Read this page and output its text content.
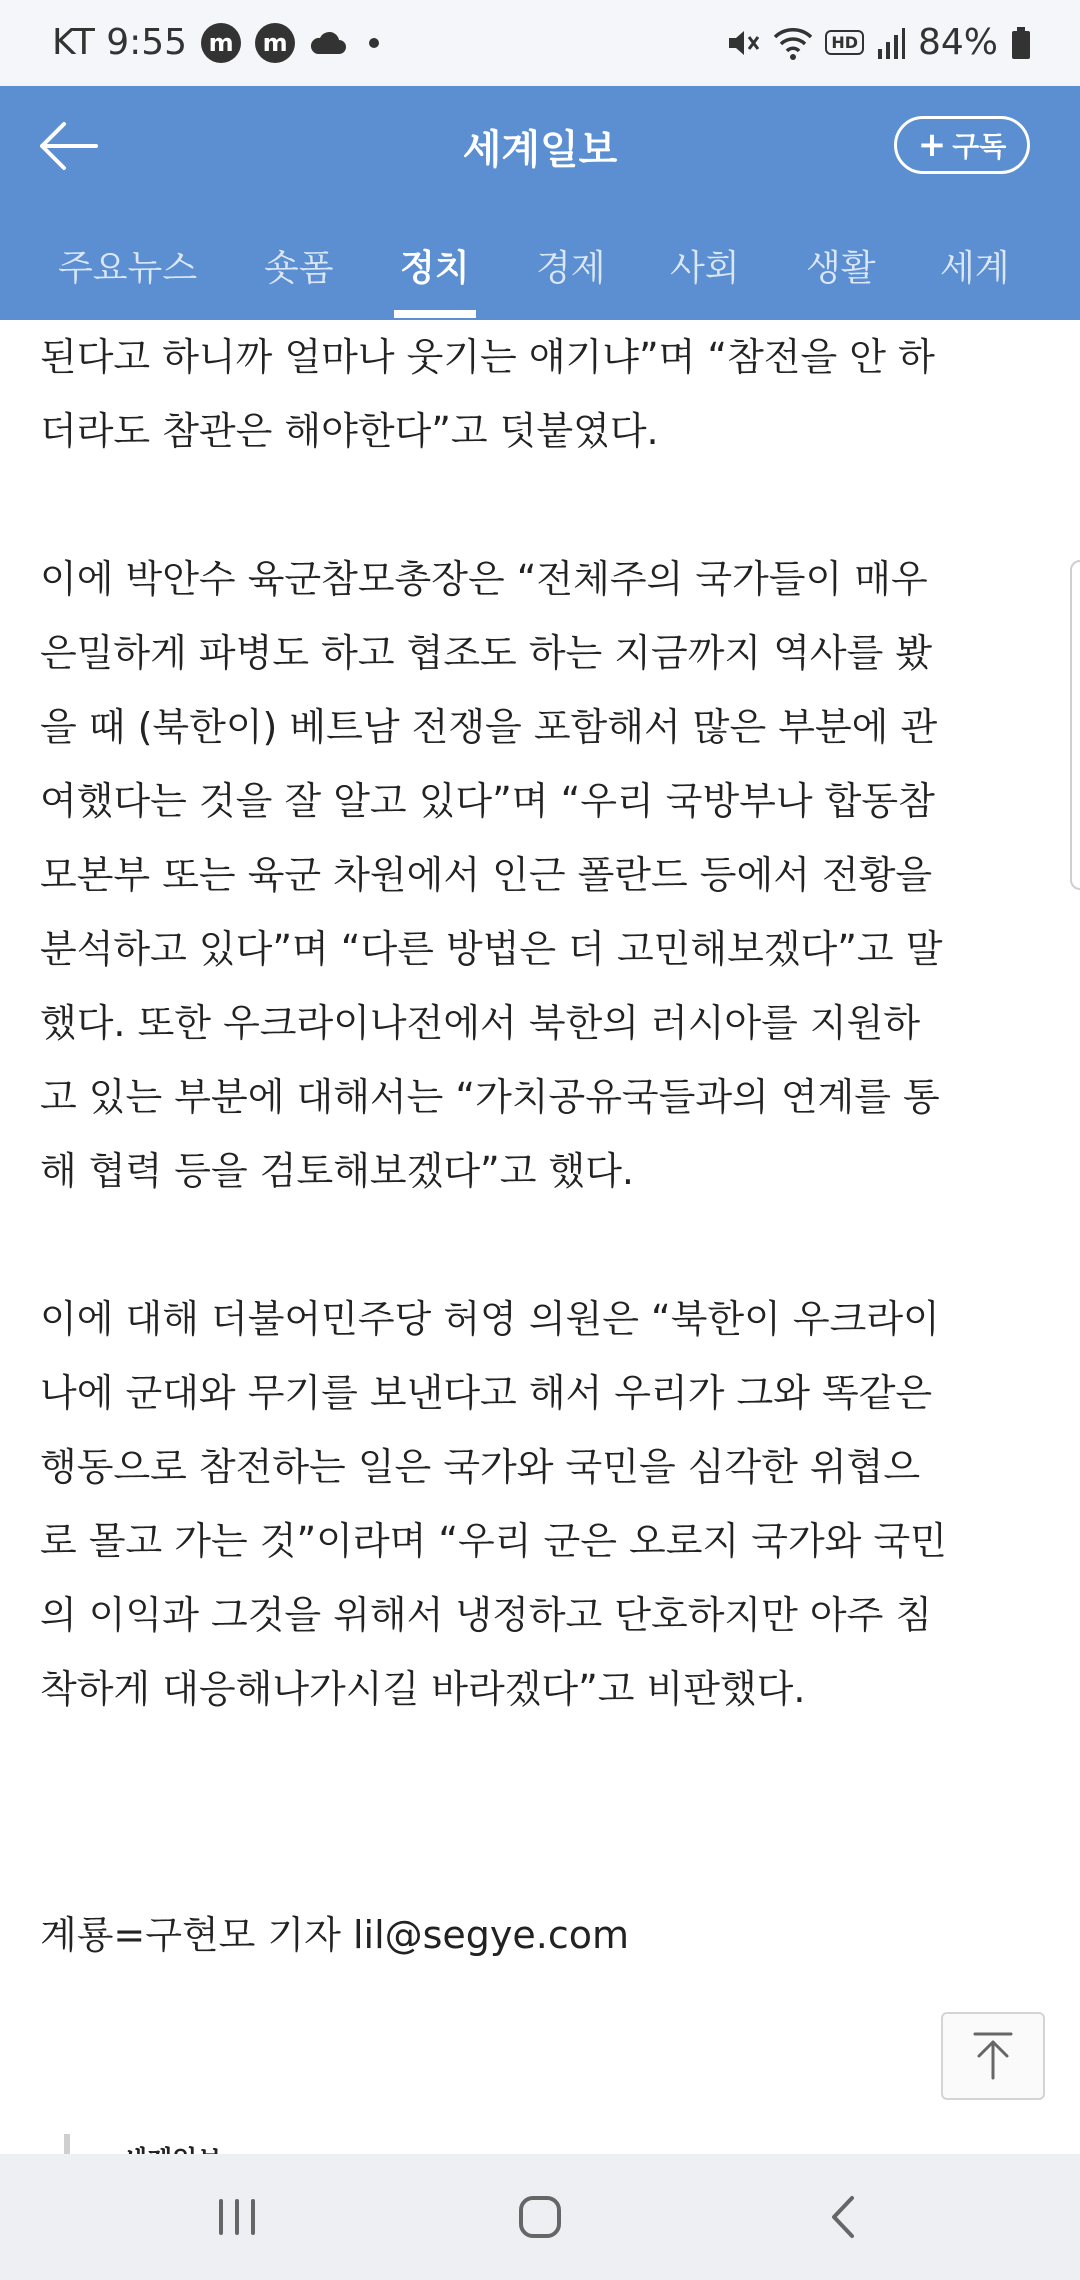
KT 9:55 m	m	HD 84%
세계일보	+ 구독
주요뉴스 숏폼 정치 경제 사회 생활 세계

된다고 하니까 얼마나 웃기는 얘기냐”며 “참전을 안 하
더라도 참관은 해야한다”고 덧붙였다.

이에 박안수 육군참모총장은 “전체주의 국가들이 매우
은밀하게 파병도 하고 협조도 하는 지금까지 역사를 봤
을 때 (북한이) 베트남 전쟁을 포함해서 많은 부분에 관
여했다는 것을 잘 알고 있다”며 “우리 국방부나 합동참
모본부 또는 육군 차원에서 인근 폴란드 등에서 전황을
분석하고 있다”며 “다른 방법은 더 고민해보겠다”고 말
했다. 또한 우크라이나전에서 북한의 러시아를 지원하
고 있는 부분에 대해서는 “가치공유국들과의 연계를 통
해 협력 등을 검토해보겠다”고 했다.

이에 대해 더불어민주당 허영 의원은 “북한이 우크라이
나에 군대와 무기를 보낸다고 해서 우리가 그와 똑같은
행동으로 참전하는 일은 국가와 국민을 심각한 위협으
로 몰고 가는 것”이라며 “우리 군은 오로지 국가와 국민
의 이익과 그것을 위해서 냉정하고 단호하지만 아주 침
착하게 대응해나가시길 바라겠다”고 비판했다.

계룡=구현모 기자 lil@segye.com
